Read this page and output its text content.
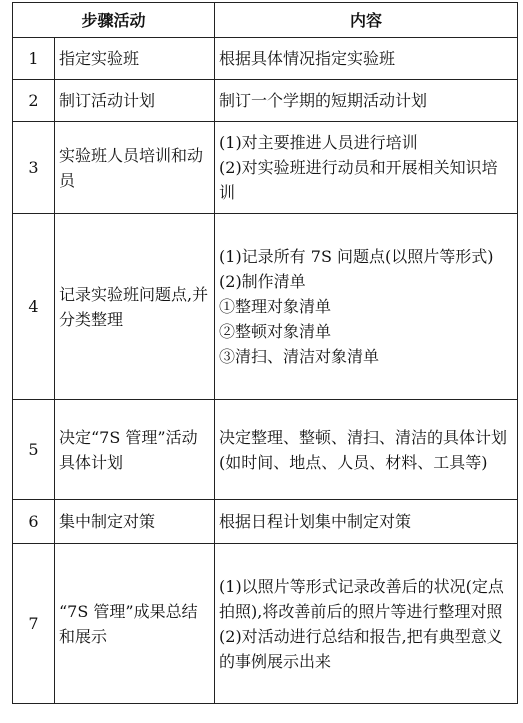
步骤活动		内容
1	指定实验班	根据具体情况指定实验班

2	制订活动计划	制订一个学期的短期活动计划

3	实验班人员培训和动员	(1)对主要推进人员进行培训
(2)对实验班进行动员和开展相关知识培训

4	记录实验班问题点,并分类整理	(1)记录所有 7S 问题点(以照片等形式)
(2)制作清单
①整理对象清单
②整顿对象清单
③清扫、清洁对象清单

5	决定“7S 管理”活动具体计划	决定整理、整顿、清扫、清洁的具体计划(如时间、地点、人员、材料、工具等)

6	集中制定对策	根据日程计划集中制定对策

7	“7S 管理”成果总结和展示	(1)以照片等形式记录改善后的状况(定点拍照),将改善前后的照片等进行整理对照
(2)对活动进行总结和报告,把有典型意义的事例展示出来
